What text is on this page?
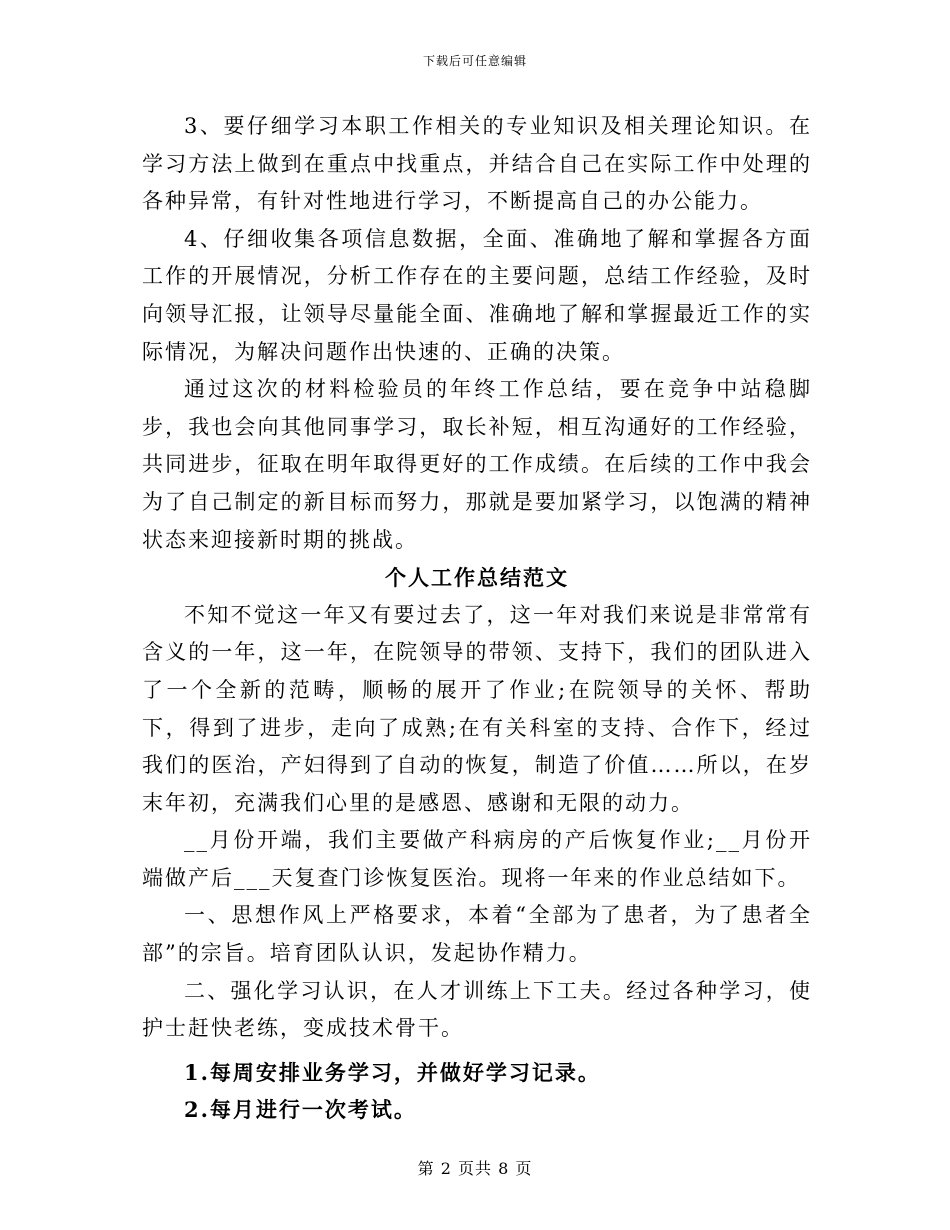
下载后可任意编辑

3、要仔细学习本职工作相关的专业知识及相关理论知识。在学习方法上做到在重点中找重点，并结合自己在实际工作中处理的各种异常，有针对性地进行学习，不断提高自己的办公能力。

4、仔细收集各项信息数据，全面、准确地了解和掌握各方面工作的开展情况，分析工作存在的主要问题，总结工作经验，及时向领导汇报，让领导尽量能全面、准确地了解和掌握最近工作的实际情况，为解决问题作出快速的、正确的决策。

通过这次的材料检验员的年终工作总结，要在竞争中站稳脚步，我也会向其他同事学习，取长补短，相互沟通好的工作经验，共同进步，征取在明年取得更好的工作成绩。在后续的工作中我会为了自己制定的新目标而努力，那就是要加紧学习，以饱满的精神状态来迎接新时期的挑战。

个人工作总结范文

不知不觉这一年又有要过去了，这一年对我们来说是非常常有含义的一年，这一年，在院领导的带领、支持下，我们的团队进入了一个全新的范畴，顺畅的展开了作业;在院领导的关怀、帮助下，得到了进步，走向了成熟;在有关科室的支持、合作下，经过我们的医治，产妇得到了自动的恢复，制造了价值……所以，在岁末年初，充满我们心里的是感恩、感谢和无限的动力。

__月份开端，我们主要做产科病房的产后恢复作业;__月份开端做产后___天复查门诊恢复医治。现将一年来的作业总结如下。

一、思想作风上严格要求，本着“全部为了患者，为了患者全部”的宗旨。培育团队认识，发起协作精力。

二、强化学习认识，在人才训练上下工夫。经过各种学习，使护士赶快老练，变成技术骨干。

1.每周安排业务学习，并做好学习记录。

2.每月进行一次考试。

第 2 页共 8 页
